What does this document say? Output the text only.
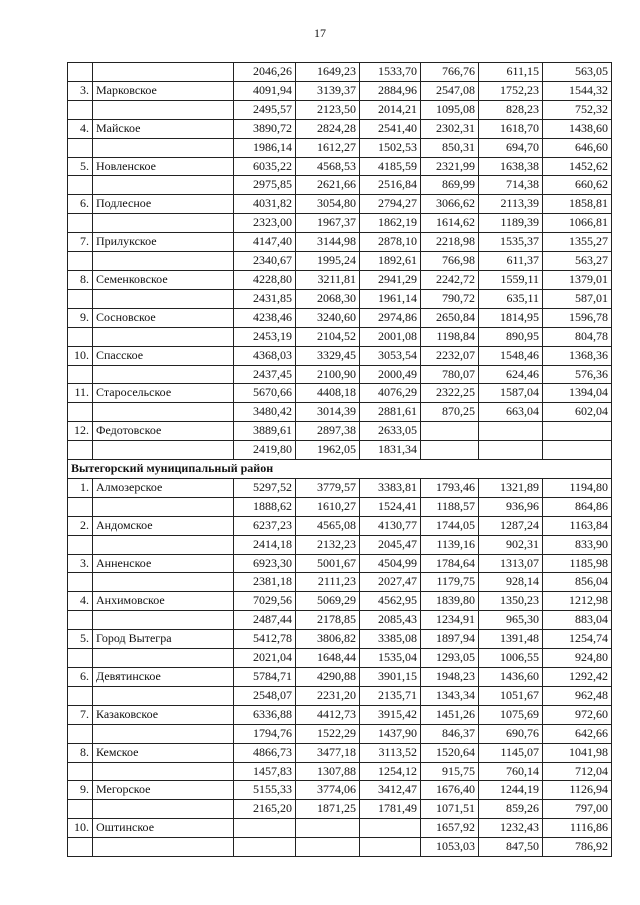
17
		2046,26	1649,23	1533,70	766,76	611,15	563,05
3.	Марковское	4091,94	3139,37	2884,96	2547,08	1752,23	1544,32
		2495,57	2123,50	2014,21	1095,08	828,23	752,32
4.	Майское	3890,72	2824,28	2541,40	2302,31	1618,70	1438,60
		1986,14	1612,27	1502,53	850,31	694,70	646,60
5.	Новленское	6035,22	4568,53	4185,59	2321,99	1638,38	1452,62
		2975,85	2621,66	2516,84	869,99	714,38	660,62
6.	Подлесное	4031,82	3054,80	2794,27	3066,62	2113,39	1858,81
		2323,00	1967,37	1862,19	1614,62	1189,39	1066,81
7.	Прилукское	4147,40	3144,98	2878,10	2218,98	1535,37	1355,27
		2340,67	1995,24	1892,61	766,98	611,37	563,27
8.	Семенковское	4228,80	3211,81	2941,29	2242,72	1559,11	1379,01
		2431,85	2068,30	1961,14	790,72	635,11	587,01
9.	Сосновское	4238,46	3240,60	2974,86	2650,84	1814,95	1596,78
		2453,19	2104,52	2001,08	1198,84	890,95	804,78
10.	Спасское	4368,03	3329,45	3053,54	2232,07	1548,46	1368,36
		2437,45	2100,90	2000,49	780,07	624,46	576,36
11.	Старосельское	5670,66	4408,18	4076,29	2322,25	1587,04	1394,04
		3480,42	3014,39	2881,61	870,25	663,04	602,04
12.	Федотовское	3889,61	2897,38	2633,05			
		2419,80	1962,05	1831,34			
Вытегорский муниципальный район							
1.	Алмозерское	5297,52	3779,57	3383,81	1793,46	1321,89	1194,80
		1888,62	1610,27	1524,41	1188,57	936,96	864,86
2.	Андомское	6237,23	4565,08	4130,77	1744,05	1287,24	1163,84
		2414,18	2132,23	2045,47	1139,16	902,31	833,90
3.	Анненское	6923,30	5001,67	4504,99	1784,64	1313,07	1185,98
		2381,18	2111,23	2027,47	1179,75	928,14	856,04
4.	Анхимовское	7029,56	5069,29	4562,95	1839,80	1350,23	1212,98
		2487,44	2178,85	2085,43	1234,91	965,30	883,04
5.	Город Вытегра	5412,78	3806,82	3385,08	1897,94	1391,48	1254,74
		2021,04	1648,44	1535,04	1293,05	1006,55	924,80
6.	Девятинское	5784,71	4290,88	3901,15	1948,23	1436,60	1292,42
		2548,07	2231,20	2135,71	1343,34	1051,67	962,48
7.	Казаковское	6336,88	4412,73	3915,42	1451,26	1075,69	972,60
		1794,76	1522,29	1437,90	846,37	690,76	642,66
8.	Кемское	4866,73	3477,18	3113,52	1520,64	1145,07	1041,98
		1457,83	1307,88	1254,12	915,75	760,14	712,04
9.	Мегорское	5155,33	3774,06	3412,47	1676,40	1244,19	1126,94
		2165,20	1871,25	1781,49	1071,51	859,26	797,00
10.	Оштинское				1657,92	1232,43	1116,86
					1053,03	847,50	786,92
